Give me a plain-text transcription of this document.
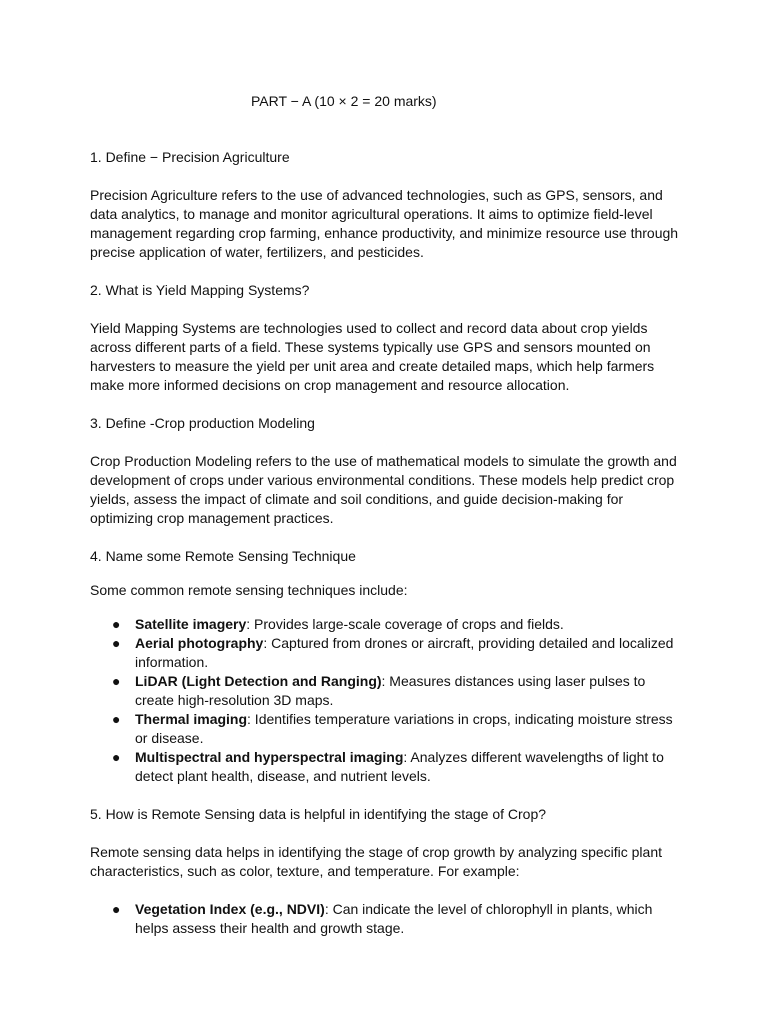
PART − A (10 × 2 = 20 marks)

1. Define − Precision Agriculture

Precision Agriculture refers to the use of advanced technologies, such as GPS, sensors, and data analytics, to manage and monitor agricultural operations. It aims to optimize field-level management regarding crop farming, enhance productivity, and minimize resource use through precise application of water, fertilizers, and pesticides.

2. What is Yield Mapping Systems?

Yield Mapping Systems are technologies used to collect and record data about crop yields across different parts of a field. These systems typically use GPS and sensors mounted on harvesters to measure the yield per unit area and create detailed maps, which help farmers make more informed decisions on crop management and resource allocation.

3. Define -Crop production Modeling

Crop Production Modeling refers to the use of mathematical models to simulate the growth and development of crops under various environmental conditions. These models help predict crop yields, assess the impact of climate and soil conditions, and guide decision-making for optimizing crop management practices.

4. Name some Remote Sensing Technique

Some common remote sensing techniques include:

● Satellite imagery: Provides large-scale coverage of crops and fields.
● Aerial photography: Captured from drones or aircraft, providing detailed and localized information.
● LiDAR (Light Detection and Ranging): Measures distances using laser pulses to create high-resolution 3D maps.
● Thermal imaging: Identifies temperature variations in crops, indicating moisture stress or disease.
● Multispectral and hyperspectral imaging: Analyzes different wavelengths of light to detect plant health, disease, and nutrient levels.

5. How is Remote Sensing data is helpful in identifying the stage of Crop?

Remote sensing data helps in identifying the stage of crop growth by analyzing specific plant characteristics, such as color, texture, and temperature. For example:

● Vegetation Index (e.g., NDVI): Can indicate the level of chlorophyll in plants, which helps assess their health and growth stage.
